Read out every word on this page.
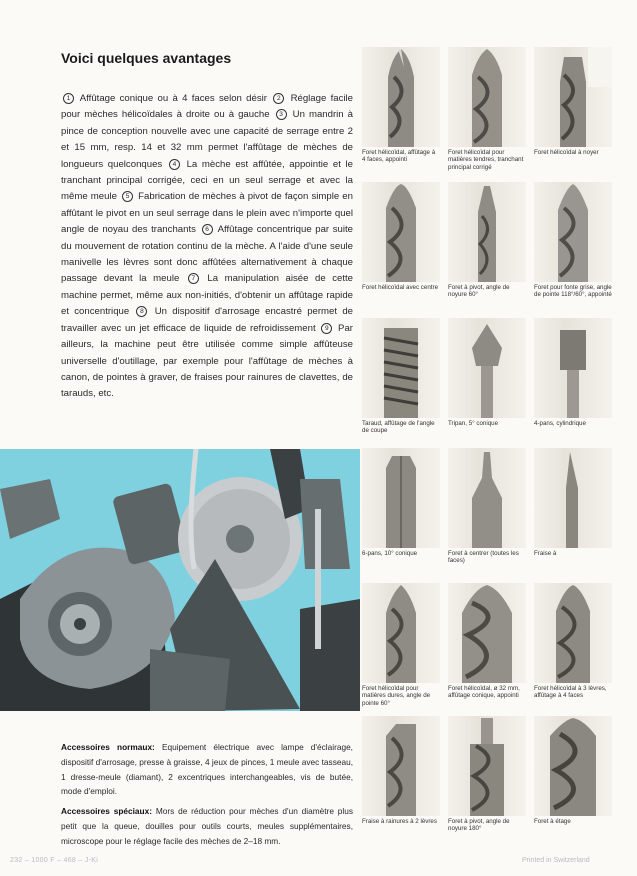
Voici quelques avantages

1 Affûtage conique ou à 4 faces selon désir 2 Réglage facile pour mèches hélicoïdales à droite ou à gauche 3 Un mandrin à pince de conception nouvelle avec une capacité de serrage entre 2 et 15 mm, resp. 14 et 32 mm permet l'affûtage de mèches de longueurs quelconques 4 La mèche est affûtée, appointie et le tranchant principal corrigée, ceci en un seul serrage et avec la même meule 5 Fabrication de mèches à pivot de façon simple en affûtant le pivot en un seul serrage dans le plein avec n'importe quel angle de noyau des tranchants 6 Affûtage concentrique par suite du mouvement de rotation continu de la mèche. A l'aide d'une seule manivelle les lèvres sont donc affûtées alternativement à chaque passage devant la meule 7 La manipulation aisée de cette machine permet, même aux non-initiés, d'obtenir un affûtage rapide et concentrique 8 Un dispositif d'arrosage encastré permet de travailler avec un jet efficace de liquide de refroidissement 9 Par ailleurs, la machine peut être utilisée comme simple affûteuse universelle d'outillage, par exemple pour l'affûtage de mèches à canon, de pointes à graver, de fraises pour rainures de clavettes, de tarauds, etc.

Accessoires normaux: Equipement électrique avec lampe d'éclairage, dispositif d'arrosage, presse à graisse, 4 jeux de pinces, 1 meule avec tasseau, 1 dresse-meule (diamant), 2 excentriques interchangeables, vis de butée, mode d'emploi.

Accessoires spéciaux: Mors de réduction pour mèches d'un diamètre plus petit que la queue, douilles pour outils courts, meules supplémentaires, microscope pour le réglage facile des mèches de 2–18 mm.

232 – 1000 F – 468 – J-Ki	Printed in Switzerland
Foret hélicoïdal, affûtage à 4 faces, appointi
Foret hélicoïdal pour matières tendres, tranchant principal corrigé
Foret hélicoïdal à noyer
Foret hélicoïdal avec centre	Foret à pivot, angle de noyure 60°
Foret pour fonte grise, angle de pointe 118°/60°, appointé
Taraud, affûtage de l'angle de coupe
Tripan, 5° conique	4-pans, cylindrique
6-pans, 10° conique	Foret à centrer (toutes les faces)
Fraise à
Foret hélicoïdal pour matières dures, angle de pointe 60°
Foret hélicoïdal, ø 32 mm, affûtage conique, appointi
Foret hélicoïdal à 3 lèvres, affûtage à 4 faces
Fraise à rainures à 2 lèvres	Foret à pivot, angle de noyure 180°
Foret à étage
